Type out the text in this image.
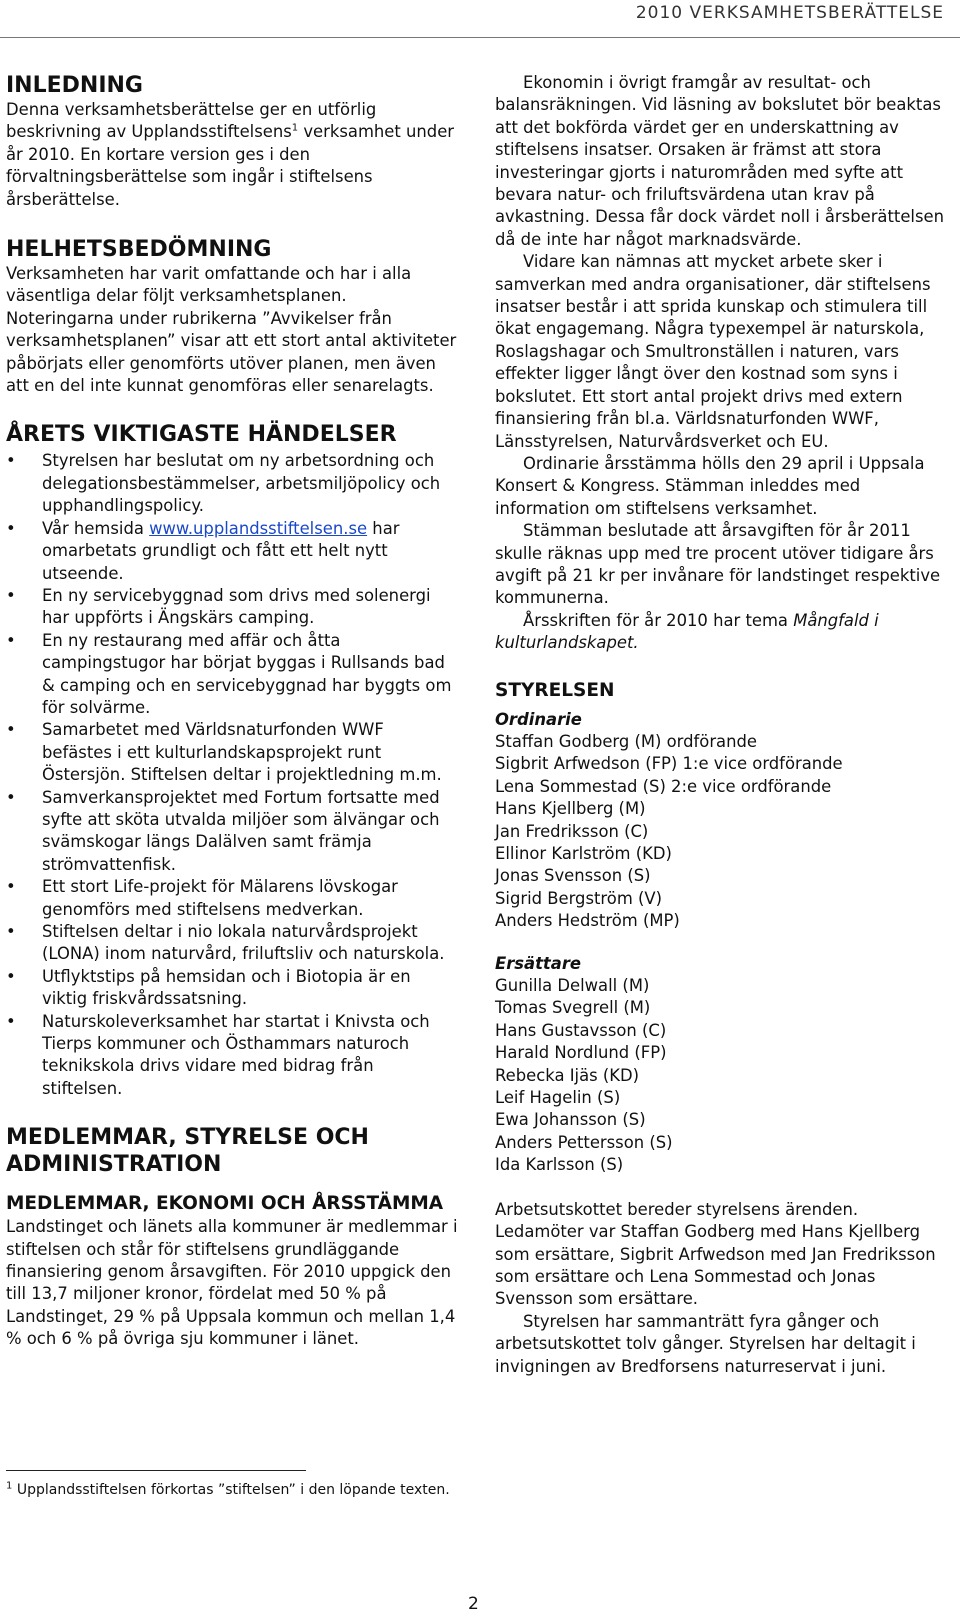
2010 VERKSAMHETSBERÄTTELSE
INLEDNING

Denna verksamhetsberättelse ger en utförlig beskrivning av Upplandsstiftelsens$^1$ verksamhet under år 2010. En kortare version ges i den förvaltningsberättelse som ingår i stiftelsens årsberättelse.

HELHETSBEDÖMNING

Verksamheten har varit omfattande och har i alla väsentliga delar följt verksamhetsplanen. Noteringarna under rubrikerna ”Avvikelser från verksamhetsplanen” visar att ett stort antal aktiviteter påbörjats eller genomförts utöver planen, men även att en del inte kunnat genomföras eller senarelagts.

ÅRETS VIKTIGASTE HÄNDELSER
•	Styrelsen har beslutat om ny arbetsordning och delegationsbestämmelser, arbetsmiljöpolicy och upphandlingspolicy.
•	Vår hemsida www.upplandsstiftelsen.se har omarbetats grundligt och fått ett helt nytt utseende.
•	En ny servicebyggnad som drivs med solenergi har uppförts i Ängskärs camping.
•	En ny restaurang med affär och åtta campingstugor har börjat byggas i Rullsands bad & camping och en servicebyggnad har byggts om för solvärme.
•	Samarbetet med Världsnaturfonden WWF befästes i ett kulturlandskapsprojekt runt Östersjön. Stiftelsen deltar i projektledning m.m.
•	Samverkansprojektet med Fortum fortsatte med syfte att sköta utvalda miljöer som älvängar och svämskogar längs Dalälven samt främja strömvattenfisk.
•	Ett stort Life-projekt för Mälarens lövskogar genomförs med stiftelsens medverkan.
•	Stiftelsen deltar i nio lokala naturvårdsprojekt (LONA) inom naturvård, friluftsliv och naturskola.
•	Utflyktstips på hemsidan och i Biotopia är en viktig friskvårdssatsning.
•	Naturskoleverksamhet har startat i Knivsta och Tierps kommuner och Östhammars naturoch teknikskola drivs vidare med bidrag från stiftelsen.
MEDLEMMAR, STYRELSE OCH ADMINISTRATION
MEDLEMMAR, EKONOMI OCH ÅRSSTÄMMA

Landstinget och länets alla kommuner är medlemmar i stiftelsen och står för stiftelsens grundläggande finansiering genom årsavgiften. För 2010 uppgick den till 13,7 miljoner kronor, fördelat med 50 % på Landstinget, 29 % på Uppsala kommun och mellan 1,4 % och 6 % på övriga sju kommuner i länet.

$^1$ Upplandsstiftelsen förkortas ”stiftelsen” i den löpande texten.

Ekonomin i övrigt framgår av resultat- och balansräkningen. Vid läsning av bokslutet bör beaktas att det bokförda värdet ger en underskattning av stiftelsens insatser. Orsaken är främst att stora investeringar gjorts i naturområden med syfte att bevara natur- och friluftsvärdena utan krav på avkastning. Dessa får dock värdet noll i årsberättelsen då de inte har något marknadsvärde.

Vidare kan nämnas att mycket arbete sker i samverkan med andra organisationer, där stiftelsens insatser består i att sprida kunskap och stimulera till ökat engagemang. Några typexempel är naturskola, Roslagshagar och Smultronställen i naturen, vars effekter ligger långt över den kostnad som syns i bokslutet. Ett stort antal projekt drivs med extern finansiering från bl.a. Världsnaturfonden WWF, Länsstyrelsen, Naturvårdsverket och EU.

Ordinarie årsstämma hölls den 29 april i Uppsala Konsert & Kongress. Stämman inleddes med information om stiftelsens verksamhet.

Stämman beslutade att årsavgiften för år 2011 skulle räknas upp med tre procent utöver tidigare års avgift på 21 kr per invånare för landstinget respektive kommunerna.

Årsskriften för år 2010 har tema Mångfald i kulturlandskapet.

STYRELSEN
Ordinarie
Staffan Godberg (M) ordförande
Sigbrit Arfwedson (FP) 1:e vice ordförande
Lena Sommestad (S) 2:e vice ordförande
Hans Kjellberg (M)
Jan Fredriksson (C)
Ellinor Karlström (KD)
Jonas Svensson (S)
Sigrid Bergström (V)
Anders Hedström (MP)
Ersättare
Gunilla Delwall (M)
Tomas Svegrell (M)
Hans Gustavsson (C)
Harald Nordlund (FP)
Rebecka Ijäs (KD)
Leif Hagelin (S)
Ewa Johansson (S)
Anders Pettersson (S)
Ida Karlsson (S)

Arbetsutskottet bereder styrelsens ärenden. Ledamöter var Staffan Godberg med Hans Kjellberg som ersättare, Sigbrit Arfwedson med Jan Fredriksson som ersättare och Lena Sommestad och Jonas Svensson som ersättare.

Styrelsen har sammanträtt fyra gånger och arbetsutskottet tolv gånger. Styrelsen har deltagit i invigningen av Bredforsens naturreservat i juni.

2
